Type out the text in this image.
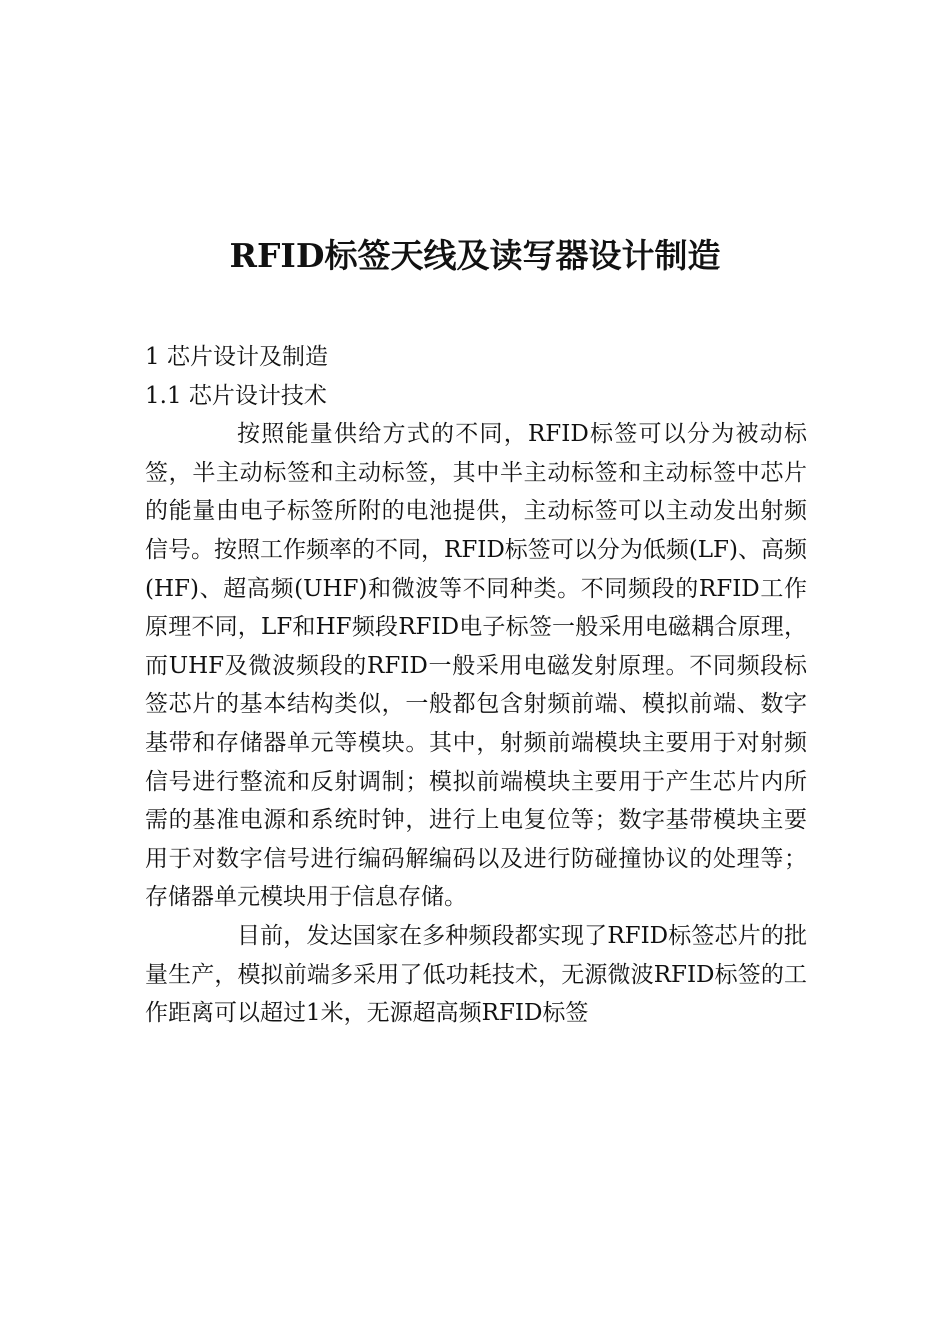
RFID标签天线及读写器设计制造

1 芯片设计及制造

1.1 芯片设计技术

按照能量供给方式的不同，RFID标签可以分为被动标签，半主动标签和主动标签，其中半主动标签和主动标签中芯片的能量由电子标签所附的电池提供，主动标签可以主动发出射频信号。按照工作频率的不同，RFID标签可以分为低频(LF)、高频(HF)、超高频(UHF)和微波等不同种类。不同频段的RFID工作原理不同，LF和HF频段RFID电子标签一般采用电磁耦合原理，而UHF及微波频段的RFID一般采用电磁发射原理。不同频段标签芯片的基本结构类似，一般都包含射频前端、模拟前端、数字基带和存储器单元等模块。其中，射频前端模块主要用于对射频信号进行整流和反射调制；模拟前端模块主要用于产生芯片内所需的基准电源和系统时钟，进行上电复位等；数字基带模块主要用于对数字信号进行编码解编码以及进行防碰撞协议的处理等；存储器单元模块用于信息存储。

目前，发达国家在多种频段都实现了RFID标签芯片的批量生产，模拟前端多采用了低功耗技术，无源微波RFID标签的工作距离可以超过1米，无源超高频RFID标签
